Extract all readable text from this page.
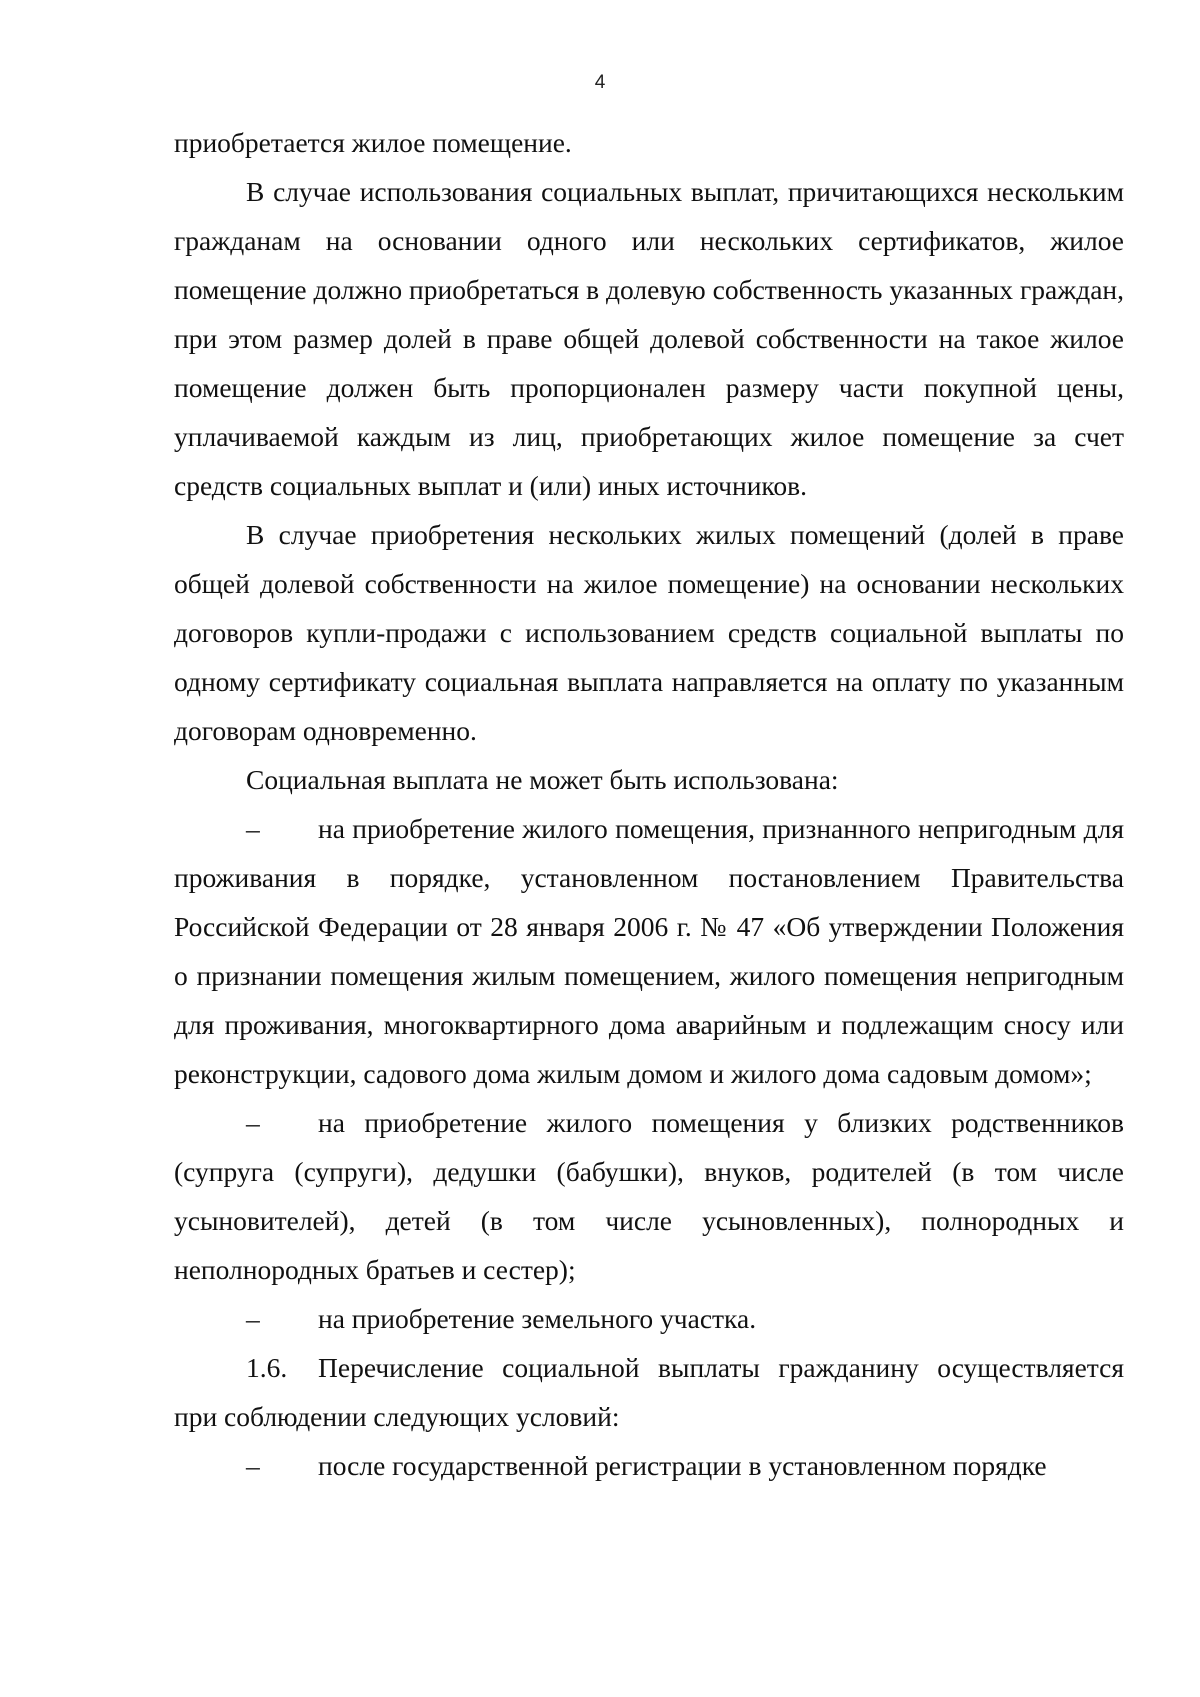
4

приобретается жилое помещение.

В случае использования социальных выплат, причитающихся нескольким гражданам на основании одного или нескольких сертификатов, жилое помещение должно приобретаться в долевую собственность указанных граждан, при этом размер долей в праве общей долевой собственности на такое жилое помещение должен быть пропорционален размеру части покупной цены, уплачиваемой каждым из лиц, приобретающих жилое помещение за счет средств социальных выплат и (или) иных источников.

В случае приобретения нескольких жилых помещений (долей в праве общей долевой собственности на жилое помещение) на основании нескольких договоров купли-продажи с использованием средств социальной выплаты по одному сертификату социальная выплата направляется на оплату по указанным договорам одновременно.

Социальная выплата не может быть использована:

– на приобретение жилого помещения, признанного непригодным для проживания в порядке, установленном постановлением Правительства Российской Федерации от 28 января 2006 г. № 47 «Об утверждении Положения о признании помещения жилым помещением, жилого помещения непригодным для проживания, многоквартирного дома аварийным и подлежащим сносу или реконструкции, садового дома жилым домом и жилого дома садовым домом»;

– на приобретение жилого помещения у близких родственников (супруга (супруги), дедушки (бабушки), внуков, родителей (в том числе усыновителей), детей (в том числе усыновленных), полнородных и неполнородных братьев и сестер);

– на приобретение земельного участка.

1.6. Перечисление социальной выплаты гражданину осуществляется при соблюдении следующих условий:

– после государственной регистрации в установленном порядке
